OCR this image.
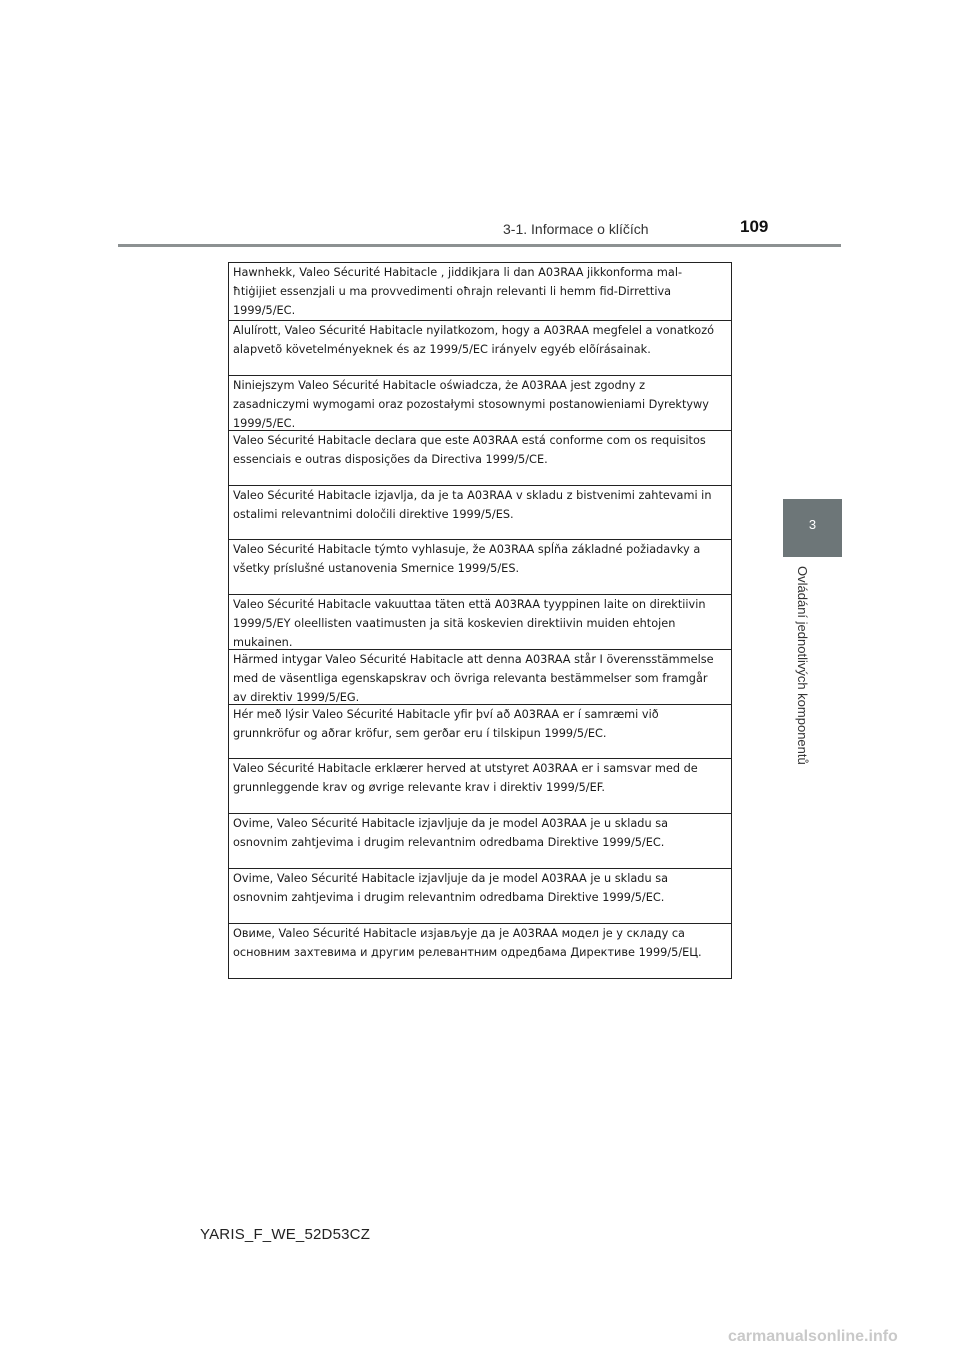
3-1. Informace o klíčích	109
3
Ovládání jednotlivých komponentů
Hawnhekk, Valeo Sécurité Habitacle , jiddikjara li dan A03RAA jikkonforma mal-ħtiġijiet essenzjali u ma provvedimenti oħrajn relevanti li hemm fid-Dirrettiva 1999/5/EC.
Alulírott, Valeo Sécurité Habitacle nyilatkozom, hogy a A03RAA megfelel a vonatkozó alapvetõ követelményeknek és az 1999/5/EC irányelv egyéb elõírásainak.
Niniejszym Valeo Sécurité Habitacle oświadcza, że A03RAA jest zgodny z zasadniczymi wymogami oraz pozostałymi stosownymi postanowieniami Dyrektywy 1999/5/EC.
Valeo Sécurité Habitacle declara que este A03RAA está conforme com os requisitos essenciais e outras disposições da Directiva 1999/5/CE.
Valeo Sécurité Habitacle izjavlja, da je ta A03RAA v skladu z bistvenimi zahtevami in ostalimi relevantnimi določili direktive 1999/5/ES.
Valeo Sécurité Habitacle týmto vyhlasuje, že A03RAA spĺňa základné požiadavky a všetky príslušné ustanovenia Smernice 1999/5/ES.
Valeo Sécurité Habitacle vakuuttaa täten että A03RAA tyyppinen laite on direktiivin 1999/5/EY oleellisten vaatimusten ja sitä koskevien direktiivin muiden ehtojen mukainen.
Härmed intygar Valeo Sécurité Habitacle att denna A03RAA står I överensstämmelse med de väsentliga egenskapskrav och övriga relevanta bestämmelser som framgår av direktiv 1999/5/EG.
Hér með lýsir Valeo Sécurité Habitacle yfir því að A03RAA er í samræmi við grunnkröfur og aðrar kröfur, sem gerðar eru í tilskipun 1999/5/EC.
Valeo Sécurité Habitacle erklærer herved at utstyret A03RAA er i samsvar med de grunnleggende krav og øvrige relevante krav i direktiv 1999/5/EF.
Ovime, Valeo Sécurité Habitacle izjavljuje da je model A03RAA je u skladu sa osnovnim zahtjevima i drugim relevantnim odredbama Direktive 1999/5/EC.
Ovime, Valeo Sécurité Habitacle izjavljuje da je model A03RAA je u skladu sa osnovnim zahtjevima i drugim relevantnim odredbama Direktive 1999/5/EC.
Овиме, Valeo Sécurité Habitacle изјављује да је A03RAA модел је у складу са основним захтевима и другим релевантним одредбама Директиве 1999/5/ЕЦ.
YARIS_F_WE_52D53CZ
carmanualsonline.info
